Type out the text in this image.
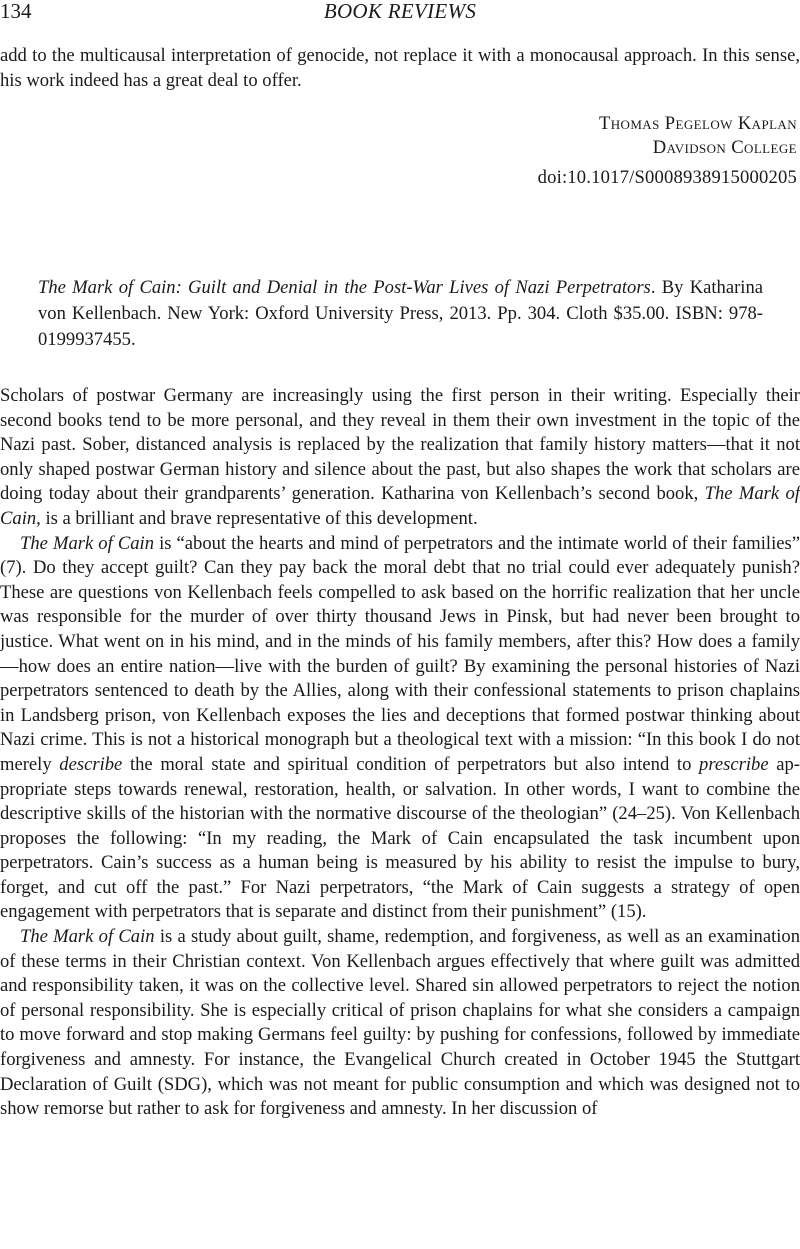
134	BOOK REVIEWS

add to the multicausal interpretation of genocide, not replace it with a monocausal approach. In this sense, his work indeed has a great deal to offer.

Thomas Pegelow Kaplan
Davidson College
doi:10.1017/S0008938915000205

The Mark of Cain: Guilt and Denial in the Post-War Lives of Nazi Perpetrators. By Katharina von Kellenbach. New York: Oxford University Press, 2013. Pp. 304. Cloth $35.00. ISBN: 978-0199937455.

Scholars of postwar Germany are increasingly using the first person in their writing. Especially their second books tend to be more personal, and they reveal in them their own investment in the topic of the Nazi past. Sober, distanced analysis is replaced by the realization that family history matters—that it not only shaped postwar German history and silence about the past, but also shapes the work that scholars are doing today about their grandparents’ generation. Katharina von Kellenbach’s second book, The Mark of Cain, is a brilliant and brave representative of this development.

The Mark of Cain is “about the hearts and mind of perpetrators and the intimate world of their families” (7). Do they accept guilt? Can they pay back the moral debt that no trial could ever adequately punish? These are questions von Kellenbach feels compelled to ask based on the horrific realization that her uncle was responsible for the murder of over thirty thousand Jews in Pinsk, but had never been brought to justice. What went on in his mind, and in the minds of his family members, after this? How does a family—how does an entire nation—live with the burden of guilt? By examining the personal histories of Nazi perpetrators sentenced to death by the Allies, along with their confessional statements to prison chaplains in Landsberg prison, von Kellenbach exposes the lies and deceptions that formed postwar thinking about Nazi crime. This is not a historical monograph but a theological text with a mission: “In this book I do not merely describe the moral state and spiritual condition of perpetrators but also intend to prescribe appropriate steps towards renewal, restoration, health, or salvation. In other words, I want to combine the descriptive skills of the historian with the normative discourse of the theologian” (24–25). Von Kellenbach proposes the following: “In my reading, the Mark of Cain encapsulated the task incumbent upon perpetrators. Cain’s success as a human being is measured by his ability to resist the impulse to bury, forget, and cut off the past.” For Nazi perpetrators, “the Mark of Cain suggests a strategy of open engagement with perpetrators that is separate and distinct from their punishment” (15).

The Mark of Cain is a study about guilt, shame, redemption, and forgiveness, as well as an examination of these terms in their Christian context. Von Kellenbach argues effectively that where guilt was admitted and responsibility taken, it was on the collective level. Shared sin allowed perpetrators to reject the notion of personal responsibility. She is especially critical of prison chaplains for what she considers a campaign to move forward and stop making Germans feel guilty: by pushing for confessions, followed by immediate forgiveness and amnesty. For instance, the Evangelical Church created in October 1945 the Stuttgart Declaration of Guilt (SDG), which was not meant for public consumption and which was designed not to show remorse but rather to ask for forgiveness and amnesty. In her discussion of
